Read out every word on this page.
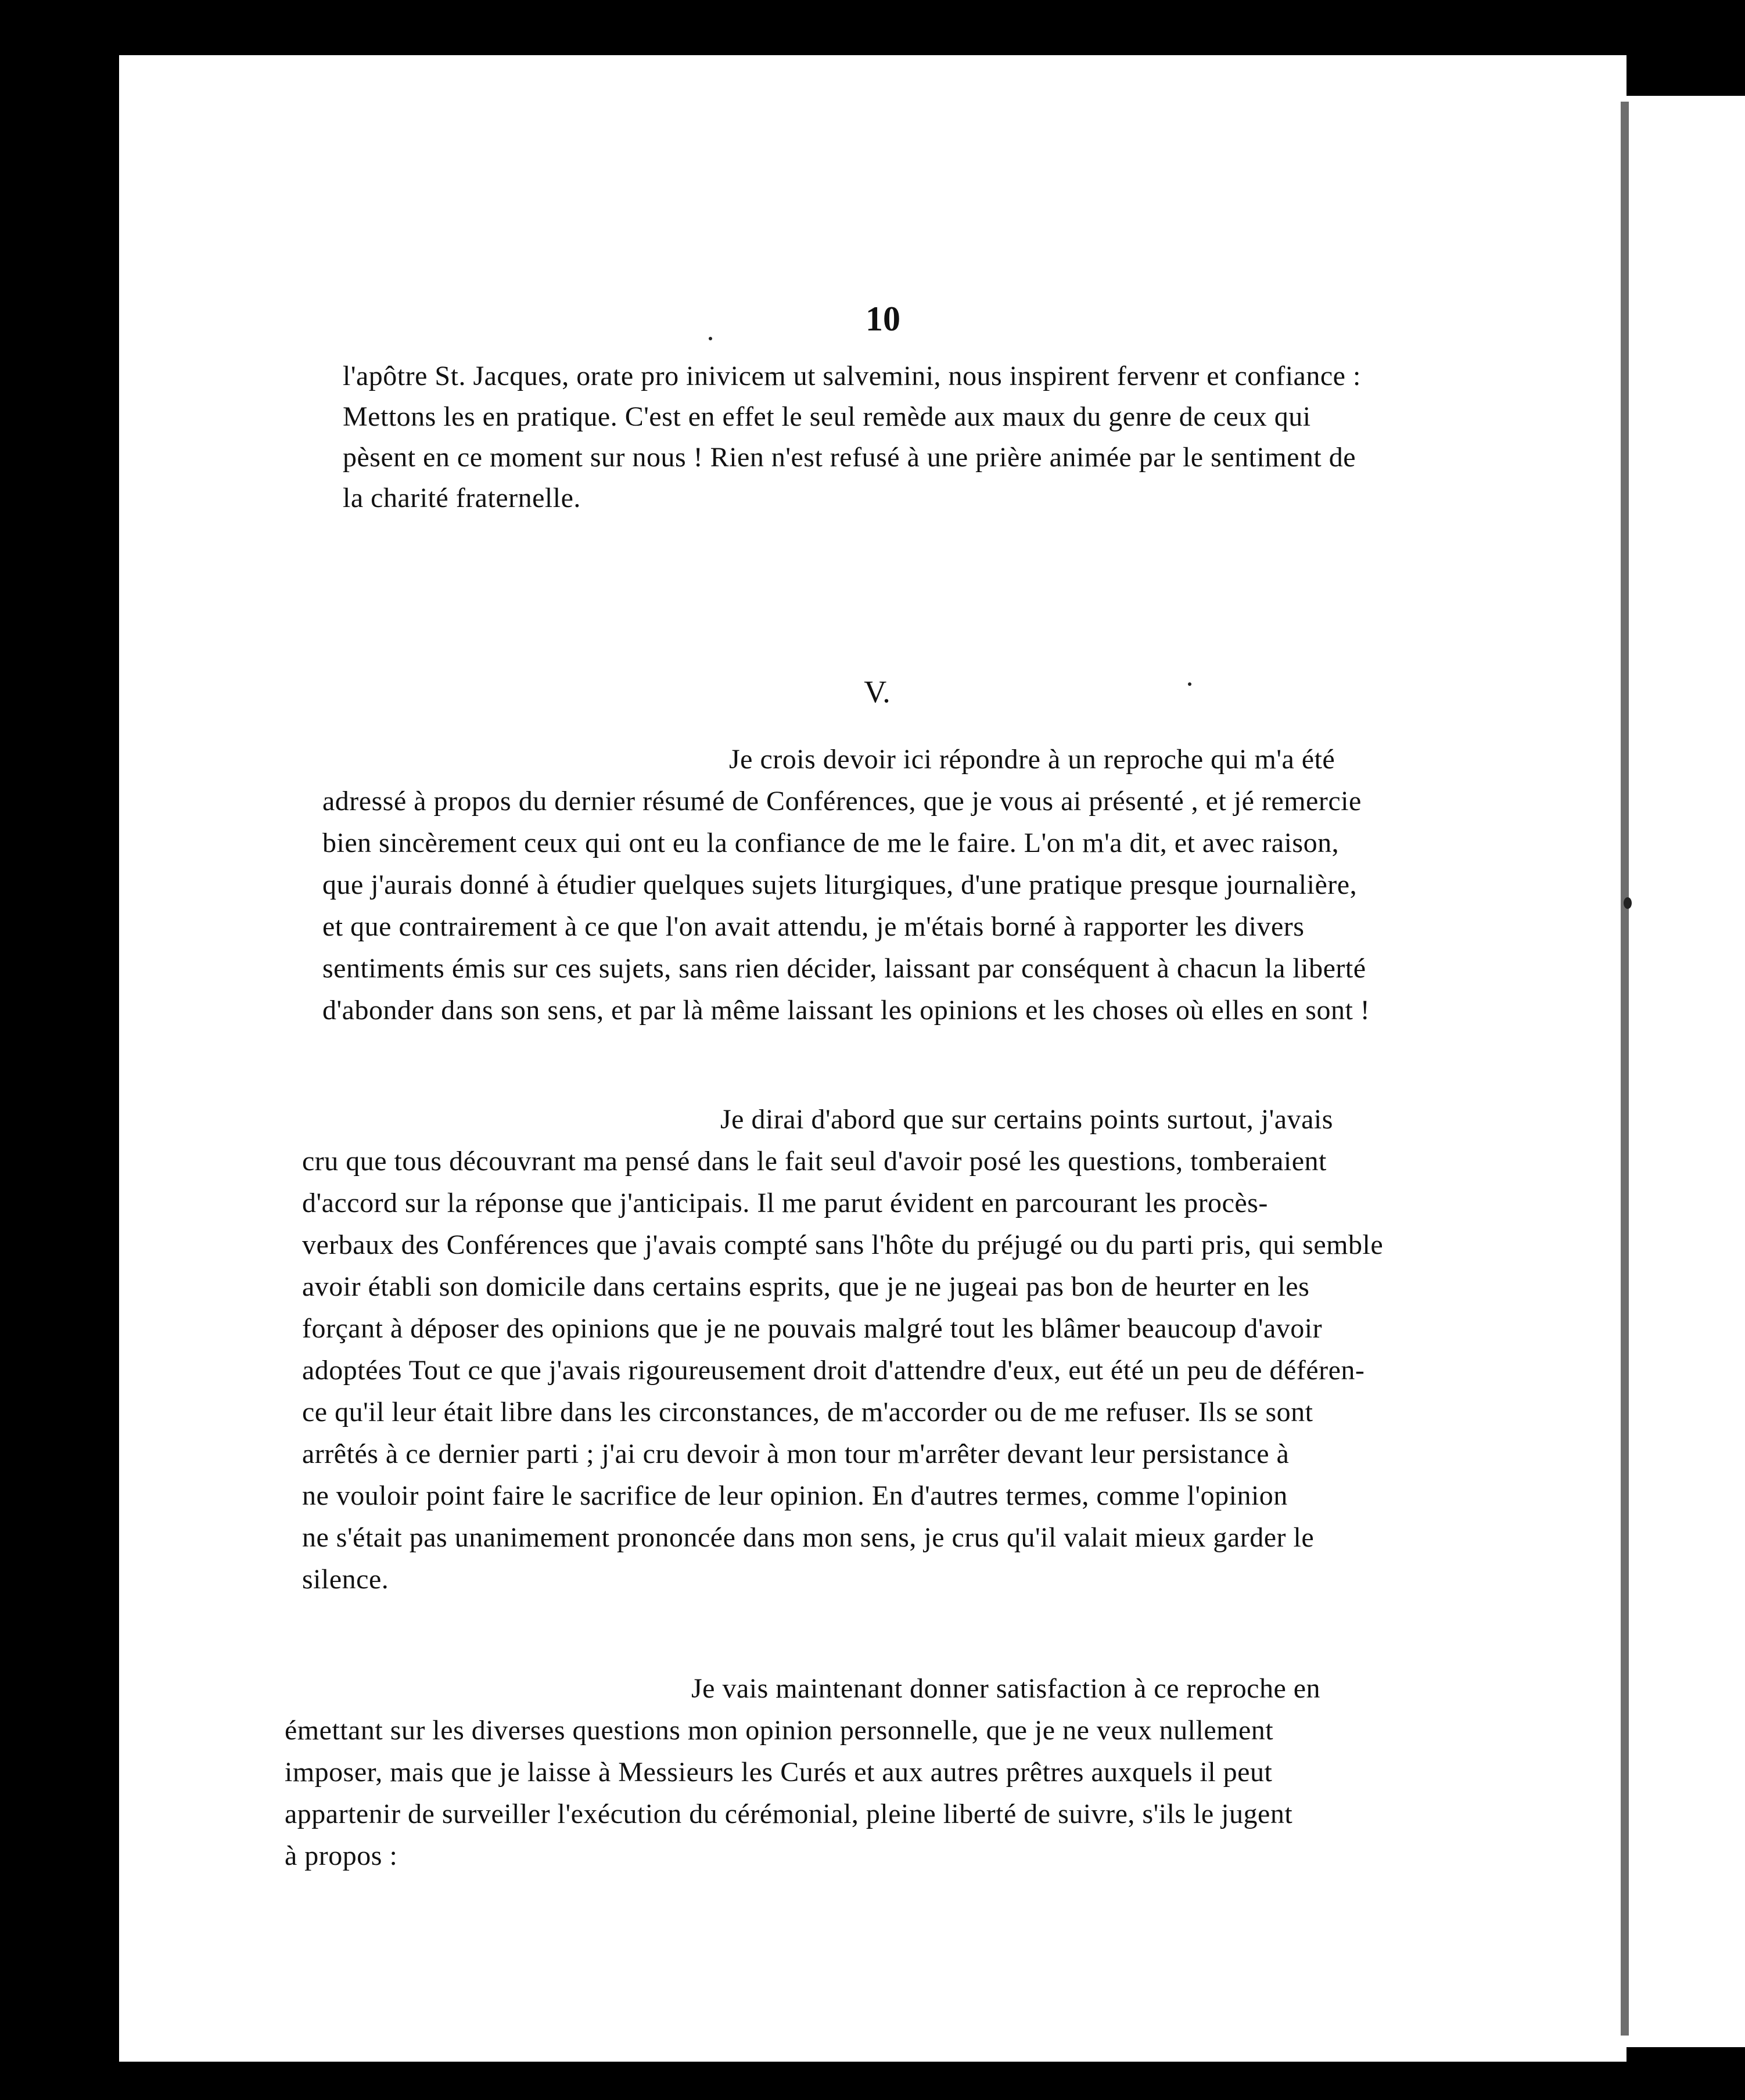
10
l'apôtre St. Jacques, orate pro inivicem ut salvemini, nous inspirent fervenr et confiance :
Mettons les en pratique. C'est en effet le seul remède aux maux du genre de ceux qui
pèsent en ce moment sur nous ! Rien n'est refusé à une prière animée par le sentiment de
la charité fraternelle.
V.
Je crois devoir ici répondre à un reproche qui m'a été
adressé à propos du dernier résumé de Conférences, que je vous ai présenté , et jé remercie
bien sincèrement ceux qui ont eu la confiance de me le faire. L'on m'a dit, et avec raison,
que j'aurais donné à étudier quelques sujets liturgiques, d'une pratique presque journalière,
et que contrairement à ce que l'on avait attendu, je m'étais borné à rapporter les divers
sentiments émis sur ces sujets, sans rien décider, laissant par conséquent à chacun la liberté
d'abonder dans son sens, et par là même laissant les opinions et les choses où elles en sont !
Je dirai d'abord que sur certains points surtout, j'avais
cru que tous découvrant ma pensé dans le fait seul d'avoir posé les questions, tomberaient
d'accord sur la réponse que j'anticipais. Il me parut évident en parcourant les procès-
verbaux des Conférences que j'avais compté sans l'hôte du préjugé ou du parti pris, qui semble
avoir établi son domicile dans certains esprits, que je ne jugeai pas bon de heurter en les
forçant à déposer des opinions que je ne pouvais malgré tout les blâmer beaucoup d'avoir
adoptées Tout ce que j'avais rigoureusement droit d'attendre d'eux, eut été un peu de déféren-
ce qu'il leur était libre dans les circonstances, de m'accorder ou de me refuser. Ils se sont
arrêtés à ce dernier parti ; j'ai cru devoir à mon tour m'arrêter devant leur persistance à
ne vouloir point faire le sacrifice de leur opinion. En d'autres termes, comme l'opinion
ne s'était pas unanimement prononcée dans mon sens, je crus qu'il valait mieux garder le
silence.
Je vais maintenant donner satisfaction à ce reproche en
émettant sur les diverses questions mon opinion personnelle, que je ne veux nullement
imposer, mais que je laisse à Messieurs les Curés et aux autres prêtres auxquels il peut
appartenir de surveiller l'exécution du cérémonial, pleine liberté de suivre, s'ils le jugent
à propos :
